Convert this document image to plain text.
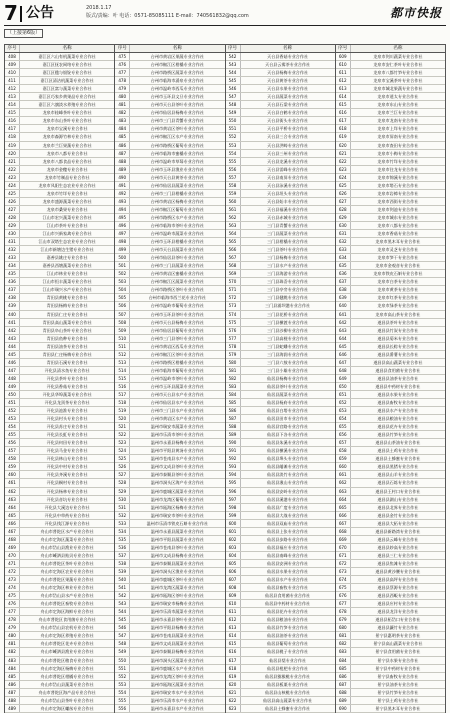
7 公告	2018.1.17
版式/责编：叶 电话：0571-85085111 E-mail：740561832@qq.com	都市快报
（上接第6版）
序号	名称
408	嘉江区六山有机蔬菜专业合作社
409	嘉江区抚农网络专业合作社
410	嘉江区楹与银锭专业合作社
411	嘉江区清洁机蔬菜专业合作社
412	嘉江区富与蔬菜专业合作社
413	嘉江区巧家乡黄果品专业合作社
414	嘉江区六旗淡水养殖专业合作社
415	龙泉市桂峰茶叶专业合作社
416	龙泉市东山茶叶专业合作社
417	龙泉市宝溪专业合作社
418	龙泉市森源竹林专业合作社
419	龙泉市兰巨果蔬专业合作社
420	龙泉市八都专业合作社
421	龙泉市八都食品专业合作社
422	龙泉市金穗专业合作社
423	龙泉市竹制品专业合作社
424	龙泉市凤阳生态农业专业合作社
425	龙泉市竹垟专业合作社
426	龙泉市盛源蔬菜专业合作社
427	龙泉市桑果专业合作社
428	江山市宏兴蔬菜专业合作社
429	江山市茶叶专业合作社
430	江山市兴新家禽专业合作社
431	江山市双塔生态农业专业合作社
432	江山市新塘边生猪专业合作社
433	嘉善县姚庄专业合作社
434	嘉善县西塘蔬菜专业合作社
435	江山市林业专业合作社
436	江山市恒丰蔬菜专业合作社
437	江山市瑞兴水产专业合作社
438	青田县黄桃专业合作社
439	青田县杨梅专业合作社
440	青田县仁庄专业合作社
441	青田县高山蔬菜专业合作社
442	青田县阜山茶叶专业合作社
443	青田县鱼种专业合作社
444	青田县油茶专业合作社
445	青田县仁庄杨梅专业合作社
446	青田县石溪专业合作社
447	开化县清水鱼专业合作社
448	开化县茶叶专业合作社
449	开化县香菇专业合作社
450	开化县华埠蔬菜专业合作社
451	开化县龙顶茶专业合作社
452	开化县池淮专业合作社
453	开化县村头专业合作社
454	开化县苏庄专业合作社
455	开化县长虹专业合作社
456	开化县何田专业合作社
457	开化县马金专业合作社
458	开化县林山专业合作社
459	开化县中村专业合作社
460	开化县齐溪专业合作社
461	开化县桐村专业合作社
462	开化县杨林专业合作社
463	开化县音坑专业合作社
464	开化县大溪边专业合作社
465	开化县中草药专业合作社
466	开化县钱江源专业合作社
467	舟山市普陀区水产专业合作社
468	舟山市定海区蔬菜专业合作社
469	舟山市岱山县渔业专业合作社
470	舟山市嵊泗县贻贝专业合作社
471	舟山市普陀区茶叶专业合作社
472	舟山市定海区农业专业合作社
473	舟山市普陀区果蔬专业合作社
474	舟山市定海区林业专业合作社
475	舟山市岱山县水产专业合作社
476	舟山市普陀区畜牧专业合作社
477	舟山市定海区海鲜专业合作社
478	舟山市普陀区食用菌专业合作社
479	舟山市岱山县农机专业合作社
480	舟山市定海区养殖专业合作社
481	舟山市普陀区花卉专业合作社
482	舟山市嵊泗县渔业专业合作社
483	舟山市普陀区粮食专业合作社
484	舟山市定海区杨梅专业合作社
485	舟山市普陀区柑橘专业合作社
486	舟山市岱山县蔬菜专业合作社
487	舟山市普陀区海产品专业合作社
488	舟山市岱山县茶叶专业合作社
489	舟山市定海区螺丝专业合作社
序号	名称
475	台州市黄岩区果蔬专业合作社
476	台州市椒江区柑橘专业合作社
477	台州市路桥区蔬菜专业合作社
478	台州市临海市涌泉专业合作社
479	台州市温岭市西瓜专业合作社
480	台州市玉环县文旦专业合作社
481	台州市天台县茶叶专业合作社
482	台州市仙居县杨梅专业合作社
483	台州市三门县青蟹专业合作社
484	台州市黄岩区茶叶专业合作社
485	台州市椒江区水产专业合作社
486	台州市路桥区葡萄专业合作社
487	台州市临海市蜜橘专业合作社
488	台州市温岭市草莓专业合作社
489	台州市玉环县渔业专业合作社
490	台州市天台县黄茶专业合作社
491	台州市仙居县蔬菜专业合作社
492	台州市三门县柑橘专业合作社
493	台州市黄岩区杨梅专业合作社
494	台州市椒江区葡萄专业合作社
495	台州市路桥区水产专业合作社
496	台州市临海市茶叶专业合作社
497	台州市温岭市蔬菜专业合作社
498	台州市玉环县柑橘专业合作社
499	台州市天台县蔬菜专业合作社
500	台州市仙居县茶叶专业合作社
501	台州市三门县蔬菜专业合作社
502	台州市黄岩区蜜橘专业合作社
503	台州市椒江区蔬菜专业合作社
504	台州市路桥区茶叶专业合作社
505	台州市临海市西兰花专业合作社
506	台州市温岭市葡萄专业合作社
507	台州市玉环县茶叶专业合作社
508	台州市天台县杨梅专业合作社
509	台州市仙居县葡萄专业合作社
510	台州市三门县茶叶专业合作社
511	台州市黄岩区西瓜专业合作社
512	台州市椒江区茶叶专业合作社
513	台州市路桥区柑橘专业合作社
514	台州市临海市葡萄专业合作社
515	台州市温岭市茶叶专业合作社
516	台州市玉环县蔬菜专业合作社
517	台州市天台县水产专业合作社
518	台州市仙居县水产专业合作社
519	台州市三门县水产专业合作社
520	台州市黄岩区水产专业合作社
521	温州市瑞安市蔬菜专业合作社
522	温州市乐清市茶叶专业合作社
523	温州市永嘉县杨梅专业合作社
524	温州市平阳县黄汤专业合作社
525	温州市苍南县水产专业合作社
526	温州市文成县茶叶专业合作社
527	温州市泰顺县茶叶专业合作社
528	温州市洞头区海产专业合作社
529	温州市鹿城区蔬菜专业合作社
530	温州市龙湾区葡萄专业合作社
531	温州市瓯海区杨梅专业合作社
532	温州市瑞安市茶叶专业合作社
533	温州市乐清市铁皮石斛专业合作社
534	温州市永嘉县蔬菜专业合作社
535	温州市平阳县蔬菜专业合作社
536	温州市苍南县茶叶专业合作社
537	温州市文成县杨梅专业合作社
538	温州市泰顺县蔬菜专业合作社
539	温州市洞头区渔业专业合作社
540	温州市鹿城区茶叶专业合作社
541	温州市龙湾区蔬菜专业合作社
542	温州市瓯海区茶叶专业合作社
543	温州市瑞安市杨梅专业合作社
544	温州市乐清市蔬菜专业合作社
545	温州市永嘉县茶叶专业合作社
546	温州市平阳县杨梅专业合作社
547	温州市苍南县蔬菜专业合作社
548	温州市文成县蔬菜专业合作社
549	温州市泰顺县杨梅专业合作社
550	温州市洞头区蔬菜专业合作社
551	温州市鹿城区水产专业合作社
552	温州市龙湾区茶叶专业合作社
553	温州市瓯海区蔬菜专业合作社
554	温州市瑞安市水产专业合作社
555	温州市乐清市水产专业合作社
556	温州市永嘉县水产专业合作社
序号	名称
542	天台县香菇专业合作社
543	天台县云雾茶专业合作社
544	天台县杨梅专业合作社
545	天台县黄茶专业合作社
546	天台县水果专业合作社
547	天台县蔬菜专业合作社
548	天台县石梁专业合作社
549	天台县白鹤专业合作社
550	天台县街头专业合作社
551	天台县平桥专业合作社
552	天台县三合专业合作社
553	天台县洪畴专业合作社
554	天台县三州专业合作社
555	天台县龙溪专业合作社
556	天台县雷峰专业合作社
557	天台县南屏专业合作社
558	天台县泳溪专业合作社
559	天台县坦头专业合作社
560	天台县始丰专业合作社
561	天台县福溪专业合作社
562	天台县赤城专业合作社
563	三门县青蟹专业合作社
564	三门县蔬菜专业合作社
565	三门县柑橘专业合作社
566	三门县茶叶专业合作社
567	三门县杨梅专业合作社
568	三门县水产专业合作社
569	三门县海游专业合作社
570	三门县珠岙专业合作社
571	三门县亭旁专业合作社
572	三门县健跳专业合作社
573	三门县浦坝港专业合作社
574	三门县花桥专业合作社
575	三门县横渡专业合作社
576	三门县沙柳专业合作社
577	三门县高枧专业合作社
578	三门县蛇蟠专业合作社
579	三门县海润专业合作社
580	三门县六敖专业合作社
581	三门县小雄专业合作社
582	仙居县杨梅专业合作社
583	仙居县茶叶专业合作社
584	仙居县蔬菜专业合作社
585	仙居县杨府专业合作社
586	仙居县白塔专业合作社
587	仙居县田市专业合作社
588	仙居县官路专业合作社
589	仙居县下各专业合作社
590	仙居县朱溪专业合作社
591	仙居县横溪专业合作社
592	仙居县埠头专业合作社
593	仙居县皤滩专业合作社
594	仙居县淡竹专业合作社
595	仙居县湫山专业合作社
596	仙居县安岭专业合作社
597	仙居县溪港专业合作社
598	仙居县广度专业合作社
599	仙居县大战专业合作社
600	仙居县双庙专业合作社
601	仙居县上张专业合作社
602	仙居县步路专业合作社
603	仙居县福应专业合作社
604	仙居县南峰专业合作社
605	仙居县安洲专业合作社
606	仙居县水果专业合作社
607	仙居县水产专业合作社
608	仙居县畜牧专业合作社
609	仙居县食用菌专业合作社
610	仙居县中药材专业合作社
611	仙居县花卉专业合作社
612	仙居县粮油专业合作社
613	仙居县竹笋专业合作社
614	仙居县油茶专业合作社
615	仙居县葡萄专业合作社
616	仙居县桃子专业合作社
617	仙居县梨专业合作社
618	仙居县枇杷专业合作社
619	仙居县猕猴桃专业合作社
620	仙居县板栗专业合作社
621	仙居县山核桃专业合作社
622	仙居县高山蔬菜专业合作社
623	仙居县土蜂蜜专业合作社
序号	名称
609	龙泉市剑川蔬菜专业合作社
610	龙泉市安仁茶叶专业合作社
611	龙泉市八都竹笋专业合作社
612	龙泉市宝溪茶叶专业合作社
613	龙泉市城北果蔬专业合作社
614	龙泉市道太专业合作社
615	龙泉市东山专业合作社
616	龙泉市兰巨专业合作社
617	龙泉市龙南专业合作社
618	龙泉市上垟专业合作社
619	龙泉市屏南专业合作社
620	龙泉市查田专业合作社
621	龙泉市小梅专业合作社
622	龙泉市竹垟专业合作社
623	龙泉市住龙专业合作社
624	龙泉市锦溪专业合作社
625	龙泉市塔石专业合作社
626	龙泉市岩樟专业合作社
627	龙泉市西街专业合作社
628	龙泉市剑池专业合作社
629	龙泉市城东专业合作社
630	龙泉市八都专业合作社
631	龙泉市香菇专业合作社
632	龙泉市黑木耳专业合作社
633	龙泉市灵芝专业合作社
634	龙泉市笋干专业合作社
635	龙泉市金观音专业合作社
636	龙泉市铁皮石斛专业合作社
637	龙泉市白茶专业合作社
638	龙泉市黄茶专业合作社
639	龙泉市红茶专业合作社
640	龙泉市绿茶专业合作社
641	龙泉市高山茶专业合作社
642	遂昌县茶叶专业合作社
643	遂昌县竹炭专业合作社
644	遂昌县菊米专业合作社
645	遂昌县长粽专业合作社
646	遂昌县番薯专业合作社
647	遂昌县高山蔬菜专业合作社
648	遂昌县食用菌专业合作社
649	遂昌县油茶专业合作社
650	遂昌县中药材专业合作社
651	遂昌县水果专业合作社
652	遂昌县畜牧专业合作社
653	遂昌县水产专业合作社
654	遂昌县粮油专业合作社
655	遂昌县花卉专业合作社
656	遂昌县竹笋专业合作社
657	遂昌县山茶油专业合作社
658	遂昌县土鸡专业合作社
659	遂昌县土蜂蜜专业合作社
660	遂昌县黑猪专业合作社
661	遂昌县山羊专业合作社
662	遂昌县石练专业合作社
663	遂昌县王村口专业合作社
664	遂昌县湖山专业合作社
665	遂昌县北界专业合作社
666	遂昌县金竹专业合作社
667	遂昌县大柘专业合作社
668	遂昌县新路湾专业合作社
669	遂昌县云峰专业合作社
670	遂昌县妙高专业合作社
671	遂昌县三仁专业合作社
672	遂昌县焦滩专业合作社
673	遂昌县黄沙腰专业合作社
674	遂昌县高坪专业合作社
675	遂昌县蔡源专业合作社
676	遂昌县西畈专业合作社
677	遂昌县应村专业合作社
678	遂昌县龙洋专业合作社
679	遂昌县柘岱口专业合作社
680	遂昌县濂竹专业合作社
681	景宁县惠明茶专业合作社
682	景宁县高山蔬菜专业合作社
683	景宁县食用菌专业合作社
684	景宁县水果专业合作社
685	景宁县中药材专业合作社
686	景宁县畜牧专业合作社
687	景宁县油茶专业合作社
688	景宁县竹笋专业合作社
689	景宁县土鸡专业合作社
690	景宁县黑木耳专业合作社
